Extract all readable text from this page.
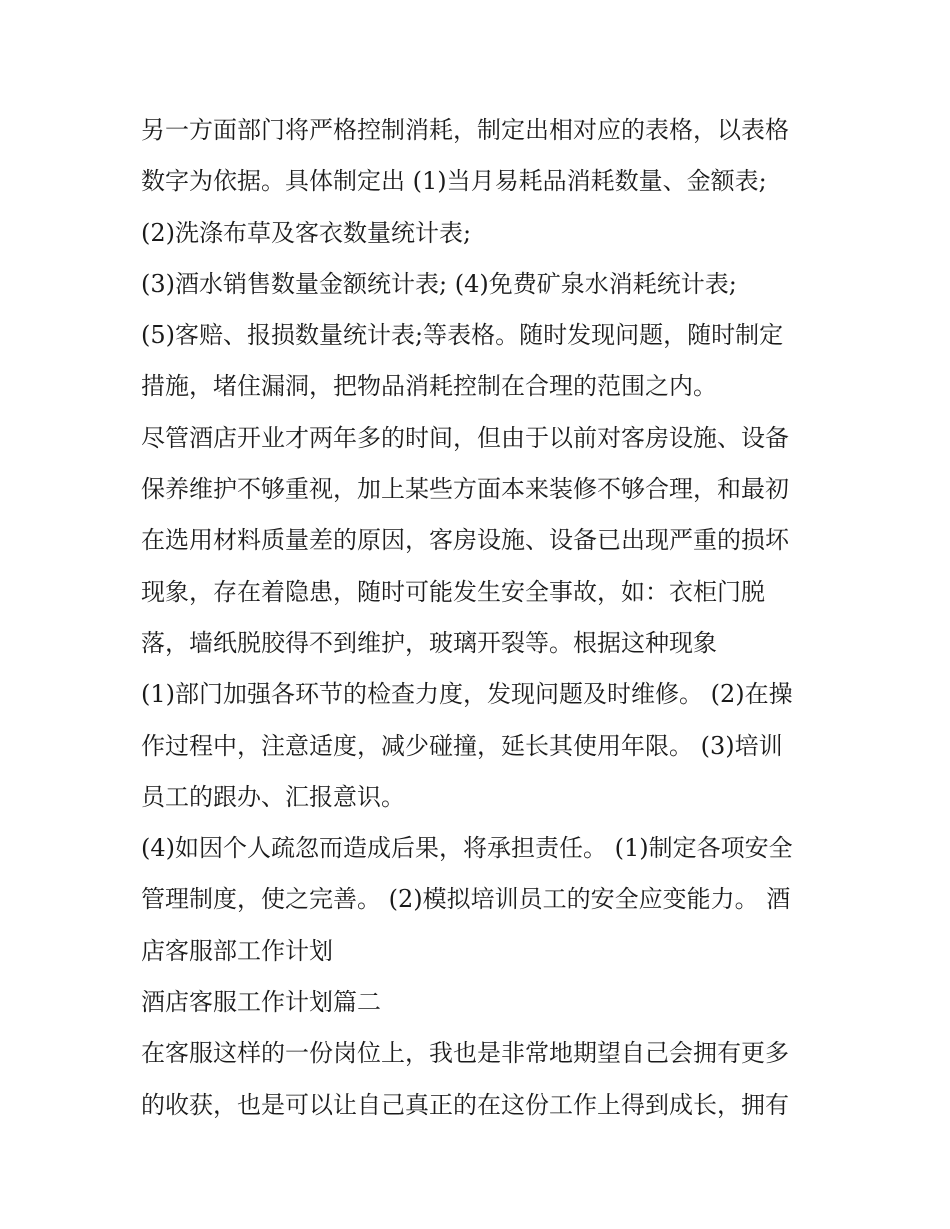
另一方面部门将严格控制消耗，制定出相对应的表格，以表格
数字为依据。具体制定出 (1)当月易耗品消耗数量、金额表;
(2)洗涤布草及客衣数量统计表;
(3)酒水销售数量金额统计表; (4)免费矿泉水消耗统计表;
(5)客赔、报损数量统计表;等表格。随时发现问题，随时制定
措施，堵住漏洞，把物品消耗控制在合理的范围之内。
尽管酒店开业才两年多的时间，但由于以前对客房设施、设备
保养维护不够重视，加上某些方面本来装修不够合理，和最初
在选用材料质量差的原因，客房设施、设备已出现严重的损坏
现象，存在着隐患，随时可能发生安全事故，如：衣柜门脱
落，墙纸脱胶得不到维护，玻璃开裂等。根据这种现象
(1)部门加强各环节的检查力度，发现问题及时维修。 (2)在操
作过程中，注意适度，减少碰撞，延长其使用年限。 (3)培训
员工的跟办、汇报意识。
(4)如因个人疏忽而造成后果，将承担责任。 (1)制定各项安全
管理制度，使之完善。 (2)模拟培训员工的安全应变能力。 酒
店客服部工作计划
酒店客服工作计划篇二
在客服这样的一份岗位上，我也是非常地期望自己会拥有更多
的收获，也是可以让自己真正的在这份工作上得到成长，拥有
